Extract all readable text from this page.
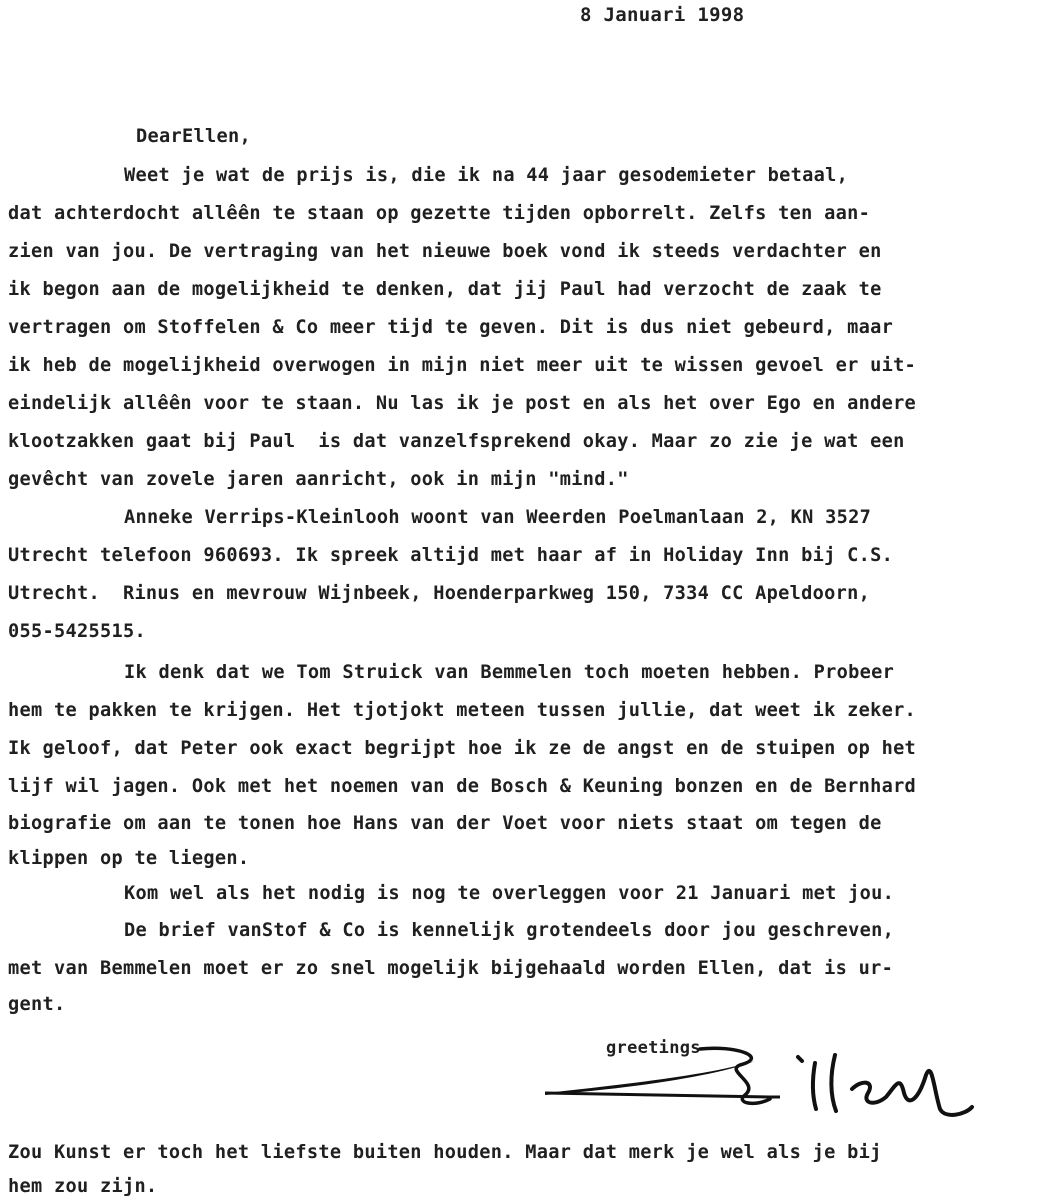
8 Januari 1998
DearEllen,
Weet je wat de prijs is, die ik na 44 jaar gesodemieter betaal,
dat achterdocht allêên te staan op gezette tijden opborrelt. Zelfs ten aan-
zien van jou. De vertraging van het nieuwe boek vond ik steeds verdachter en
ik begon aan de mogelijkheid te denken, dat jij Paul had verzocht de zaak te
vertragen om Stoffelen & Co meer tijd te geven. Dit is dus niet gebeurd, maar
ik heb de mogelijkheid overwogen in mijn niet meer uit te wissen gevoel er uit-
eindelijk allêên voor te staan. Nu las ik je post en als het over Ego en andere
klootzakken gaat bij Paul  is dat vanzelfsprekend okay. Maar zo zie je wat een
gevêcht van zovele jaren aanricht, ook in mijn "mind."
Anneke Verrips-Kleinlooh woont van Weerden Poelmanlaan 2, KN 3527
Utrecht telefoon 960693. Ik spreek altijd met haar af in Holiday Inn bij C.S.
Utrecht.  Rinus en mevrouw Wijnbeek, Hoenderparkweg 150, 7334 CC Apeldoorn,
055-5425515.
Ik denk dat we Tom Struick van Bemmelen toch moeten hebben. Probeer
hem te pakken te krijgen. Het tjotjokt meteen tussen jullie, dat weet ik zeker.
Ik geloof, dat Peter ook exact begrijpt hoe ik ze de angst en de stuipen op het
lijf wil jagen. Ook met het noemen van de Bosch & Keuning bonzen en de Bernhard
biografie om aan te tonen hoe Hans van der Voet voor niets staat om tegen de
klippen op te liegen.
Kom wel als het nodig is nog te overleggen voor 21 Januari met jou.
De brief vanStof & Co is kennelijk grotendeels door jou geschreven,
met van Bemmelen moet er zo snel mogelijk bijgehaald worden Ellen, dat is ur-
gent.
greetings
Zou Kunst er toch het liefste buiten houden. Maar dat merk je wel als je bij
hem zou zijn.
